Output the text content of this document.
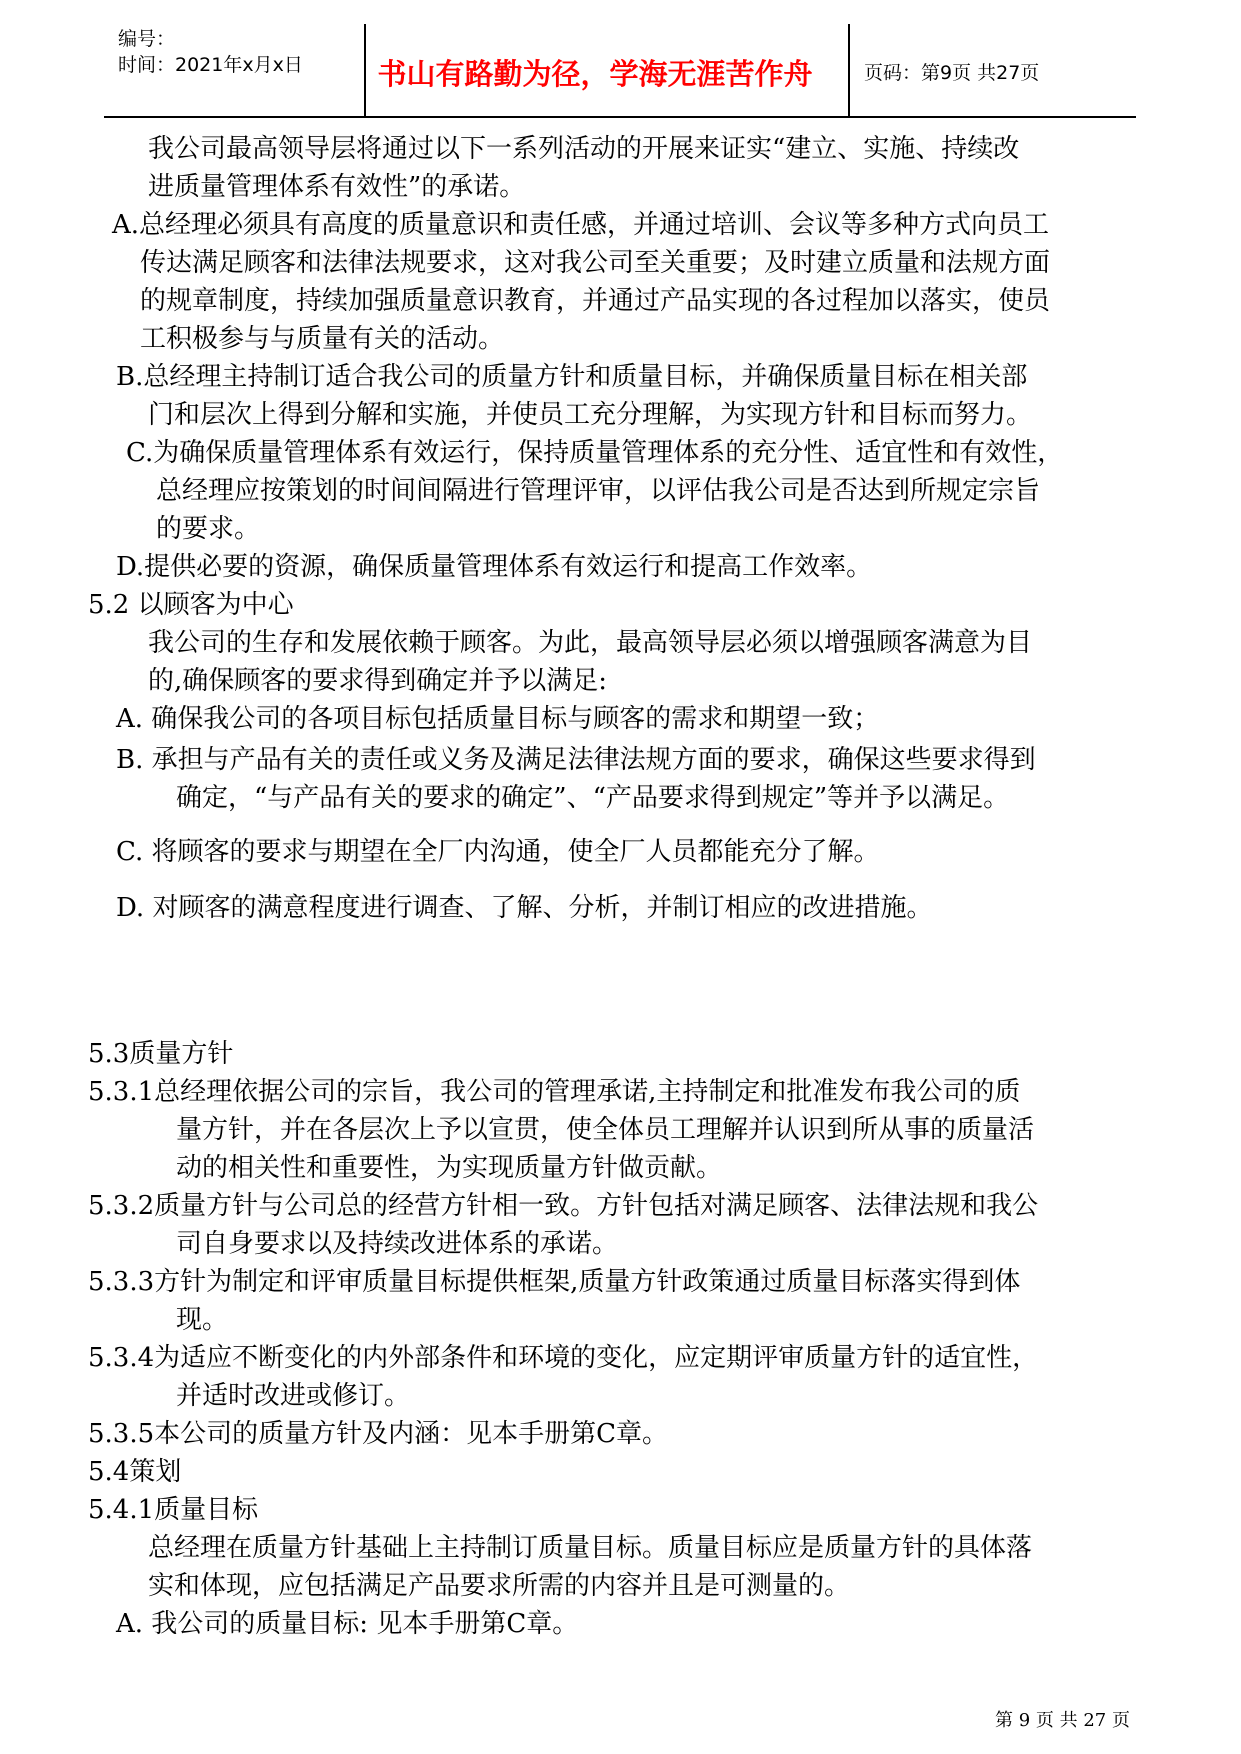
编号：
时间：2021年x月x日	书山有路勤为径，学海无涯苦作舟	页码：第9页 共27页
我公司最高领导层将通过以下一系列活动的开展来证实“建立、实施、持续改
进质量管理体系有效性”的承诺。
A.总经理必须具有高度的质量意识和责任感，并通过培训、会议等多种方式向员工
传达满足顾客和法律法规要求，这对我公司至关重要；及时建立质量和法规方面
的规章制度，持续加强质量意识教育，并通过产品实现的各过程加以落实，使员
工积极参与与质量有关的活动。
B.总经理主持制订适合我公司的质量方针和质量目标，并确保质量目标在相关部
门和层次上得到分解和实施，并使员工充分理解，为实现方针和目标而努力。
C.为确保质量管理体系有效运行，保持质量管理体系的充分性、适宜性和有效性，
总经理应按策划的时间间隔进行管理评审，以评估我公司是否达到所规定宗旨
的要求。
D.提供必要的资源，确保质量管理体系有效运行和提高工作效率。
5.2 以顾客为中心
我公司的生存和发展依赖于顾客。为此，最高领导层必须以增强顾客满意为目
的,确保顾客的要求得到确定并予以满足:
A. 确保我公司的各项目标包括质量目标与顾客的需求和期望一致；
B. 承担与产品有关的责任或义务及满足法律法规方面的要求，确保这些要求得到
确定，“与产品有关的要求的确定”、“产品要求得到规定”等并予以满足。
C. 将顾客的要求与期望在全厂内沟通，使全厂人员都能充分了解。
D. 对顾客的满意程度进行调查、了解、分析，并制订相应的改进措施。
5.3质量方针
5.3.1总经理依据公司的宗旨，我公司的管理承诺,主持制定和批准发布我公司的质
量方针，并在各层次上予以宣贯，使全体员工理解并认识到所从事的质量活
动的相关性和重要性，为实现质量方针做贡献。
5.3.2质量方针与公司总的经营方针相一致。方针包括对满足顾客、法律法规和我公
司自身要求以及持续改进体系的承诺。
5.3.3方针为制定和评审质量目标提供框架,质量方针政策通过质量目标落实得到体
现。
5.3.4为适应不断变化的内外部条件和环境的变化，应定期评审质量方针的适宜性，
并适时改进或修订。
5.3.5本公司的质量方针及内涵：见本手册第C章。
5.4策划
5.4.1质量目标
总经理在质量方针基础上主持制订质量目标。质量目标应是质量方针的具体落
实和体现，应包括满足产品要求所需的内容并且是可测量的。
A. 我公司的质量目标: 见本手册第C章。
第 9 页 共 27 页
